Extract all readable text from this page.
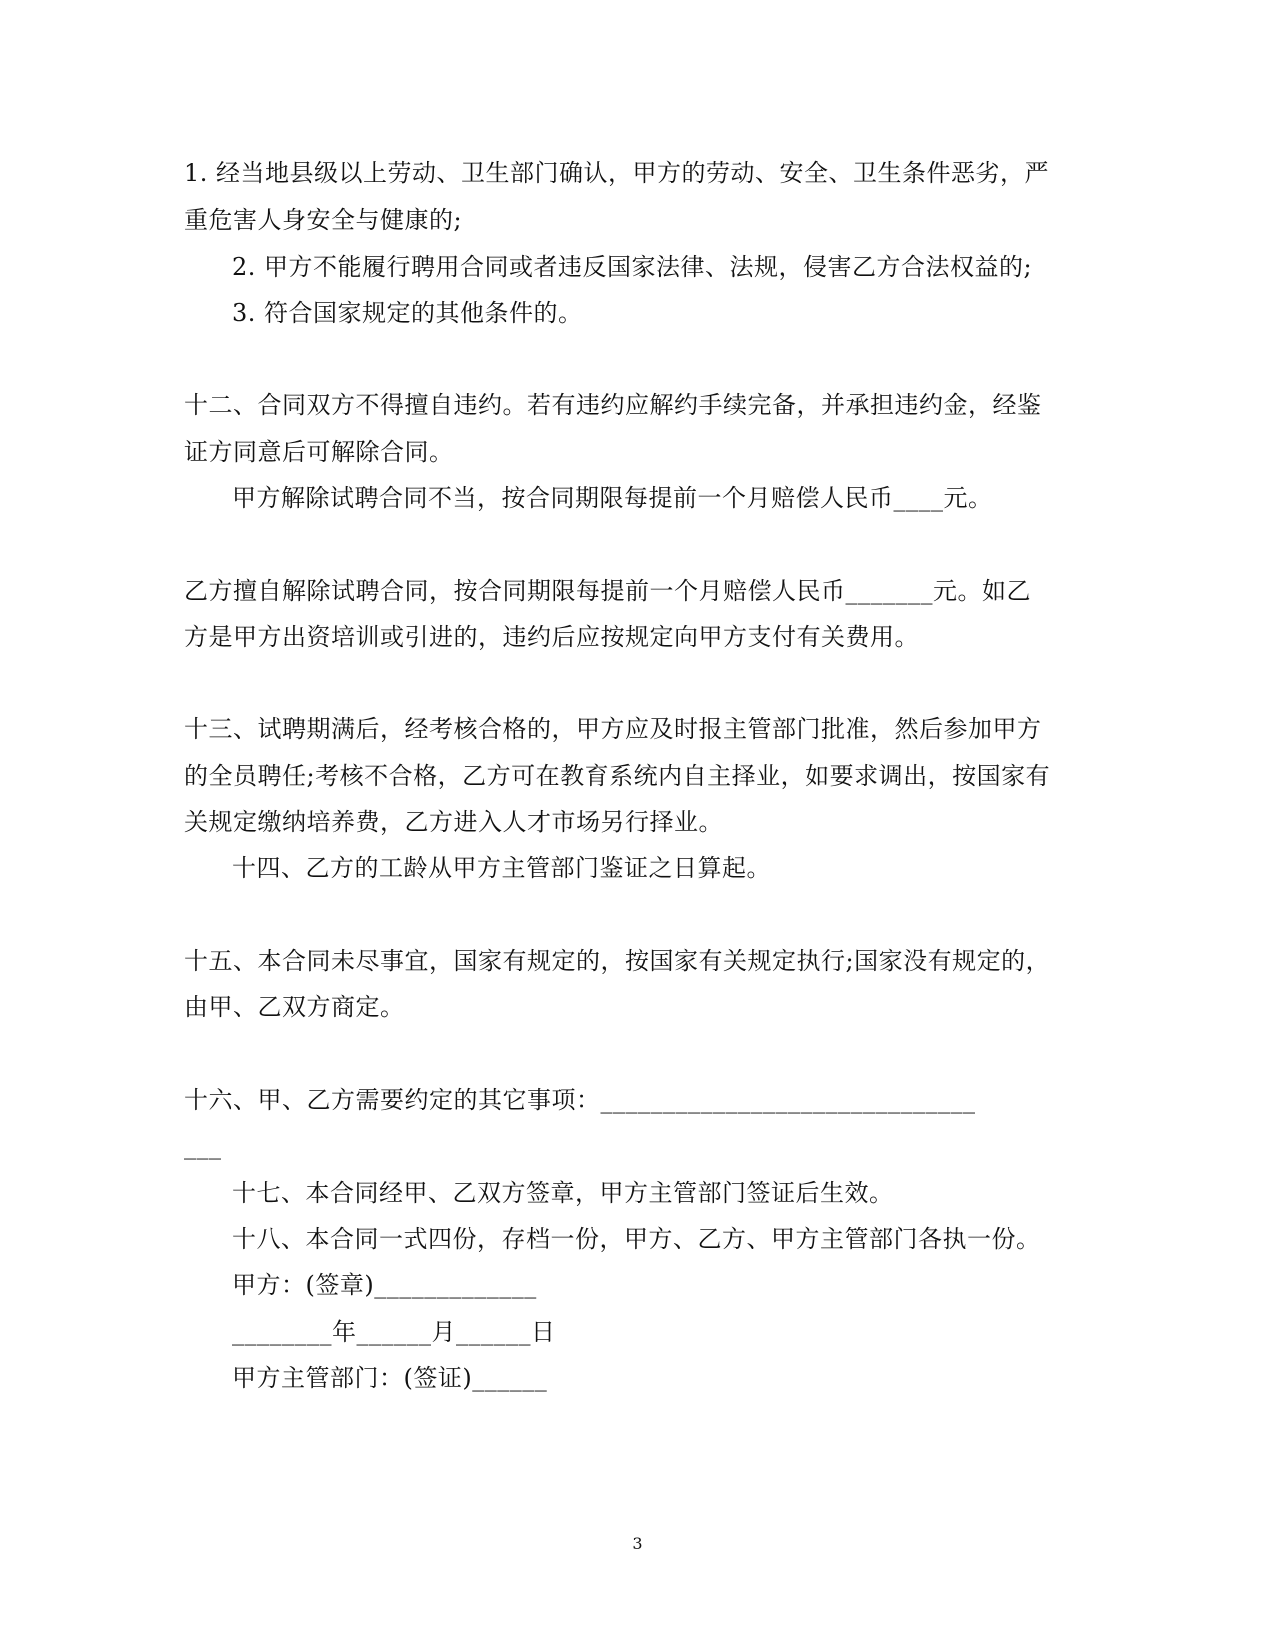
1. 经当地县级以上劳动、卫生部门确认，甲方的劳动、安全、卫生条件恶劣，严
重危害人身安全与健康的;
2. 甲方不能履行聘用合同或者违反国家法律、法规，侵害乙方合法权益的;
3. 符合国家规定的其他条件的。
十二、合同双方不得擅自违约。若有违约应解约手续完备，并承担违约金，经鉴
证方同意后可解除合同。
甲方解除试聘合同不当，按合同期限每提前一个月赔偿人民币____元。
乙方擅自解除试聘合同，按合同期限每提前一个月赔偿人民币_______元。如乙
方是甲方出资培训或引进的，违约后应按规定向甲方支付有关费用。
十三、试聘期满后，经考核合格的，甲方应及时报主管部门批准，然后参加甲方
的全员聘任;考核不合格，乙方可在教育系统内自主择业，如要求调出，按国家有
关规定缴纳培养费，乙方进入人才市场另行择业。
十四、乙方的工龄从甲方主管部门鉴证之日算起。
十五、本合同未尽事宜，国家有规定的，按国家有关规定执行;国家没有规定的，
由甲、乙双方商定。
十六、甲、乙方需要约定的其它事项：______________________________
___
十七、本合同经甲、乙双方签章，甲方主管部门签证后生效。
十八、本合同一式四份，存档一份，甲方、乙方、甲方主管部门各执一份。
甲方：(签章)_____________
________年______月______日
甲方主管部门：(签证)______
3
